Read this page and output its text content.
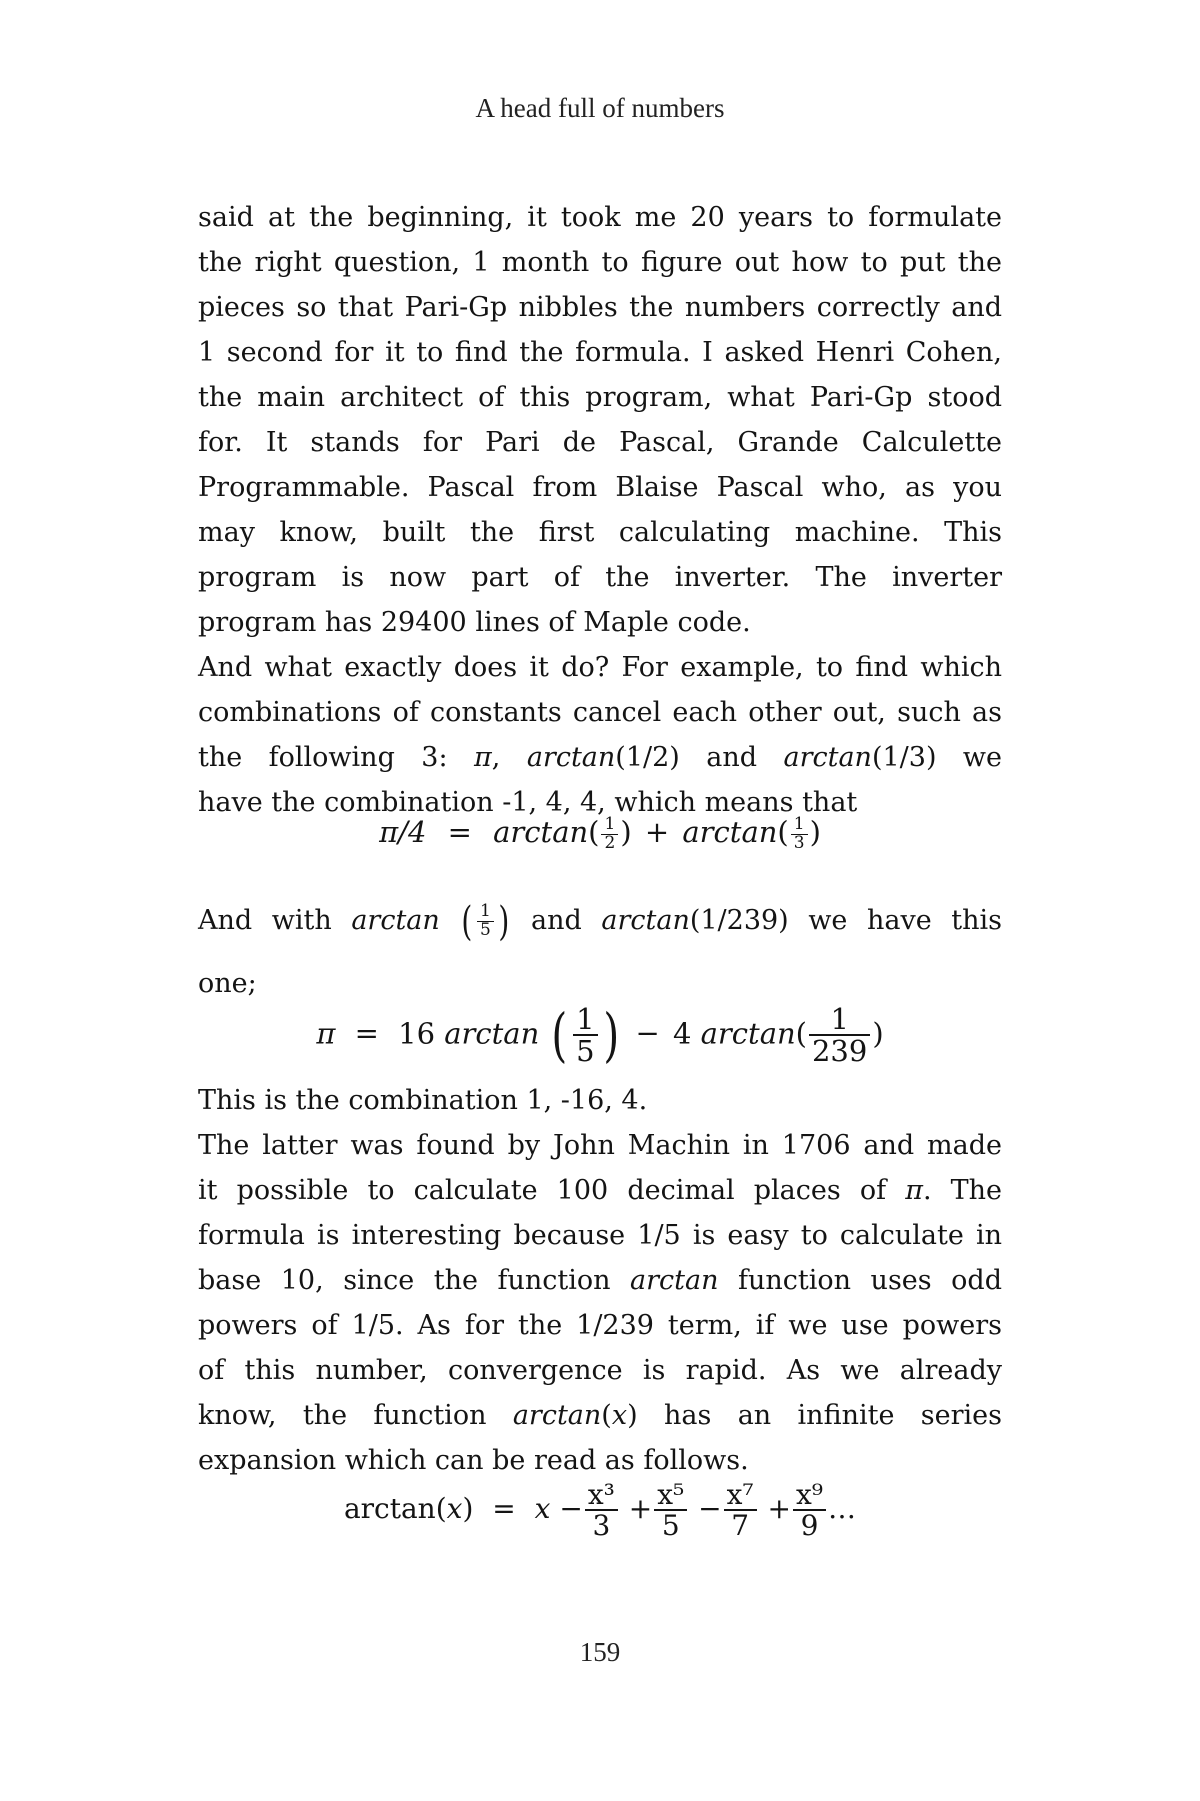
A head full of numbers
said at the beginning, it took me 20 years to formulate
the right question, 1 month to figure out how to put the
pieces so that Pari-Gp nibbles the numbers correctly and
1 second for it to find the formula. I asked Henri Cohen,
the main architect of this program, what Pari-Gp stood
for. It stands for Pari de Pascal, Grande Calculette
Programmable. Pascal from Blaise Pascal who, as you
may know, built the first calculating machine. This
program is now part of the inverter. The inverter
program has 29400 lines of Maple code.
And what exactly does it do? For example, to find which
combinations of constants cancel each other out, such as
the following 3: π, arctan(1/2) and arctan(1/3) we
have the combination -1, 4, 4, which means that
$\pi/4 = \arctan( \frac{1}{2}$ ) + $\arctan( \frac{1}{3}$ )
And with arctan ( $\frac{1}{5}$ ) and arctan(1/239) we have this
one;
π = 16 arctan ( $\frac{1}{5}$ ) − 4 $\arctan( \frac{1}{239}$ )
This is the combination 1, -16, 4.
The latter was found by John Machin in 1706 and made
it possible to calculate 100 decimal places of π. The
formula is interesting because 1/5 is easy to calculate in
base 10, since the function arctan function uses odd
powers of 1/5. As for the 1/239 term, if we use powers
of this number, convergence is rapid. As we already
know, the function arctan(x) has an infinite series
expansion which can be read as follows.
$\arctan(x) = x - \frac{\text{x³}}{3} + \frac{\text{x⁵}}{5} - \frac{\text{x⁷}}{7} + \frac{\text{x⁹}}{9}$ …
159
